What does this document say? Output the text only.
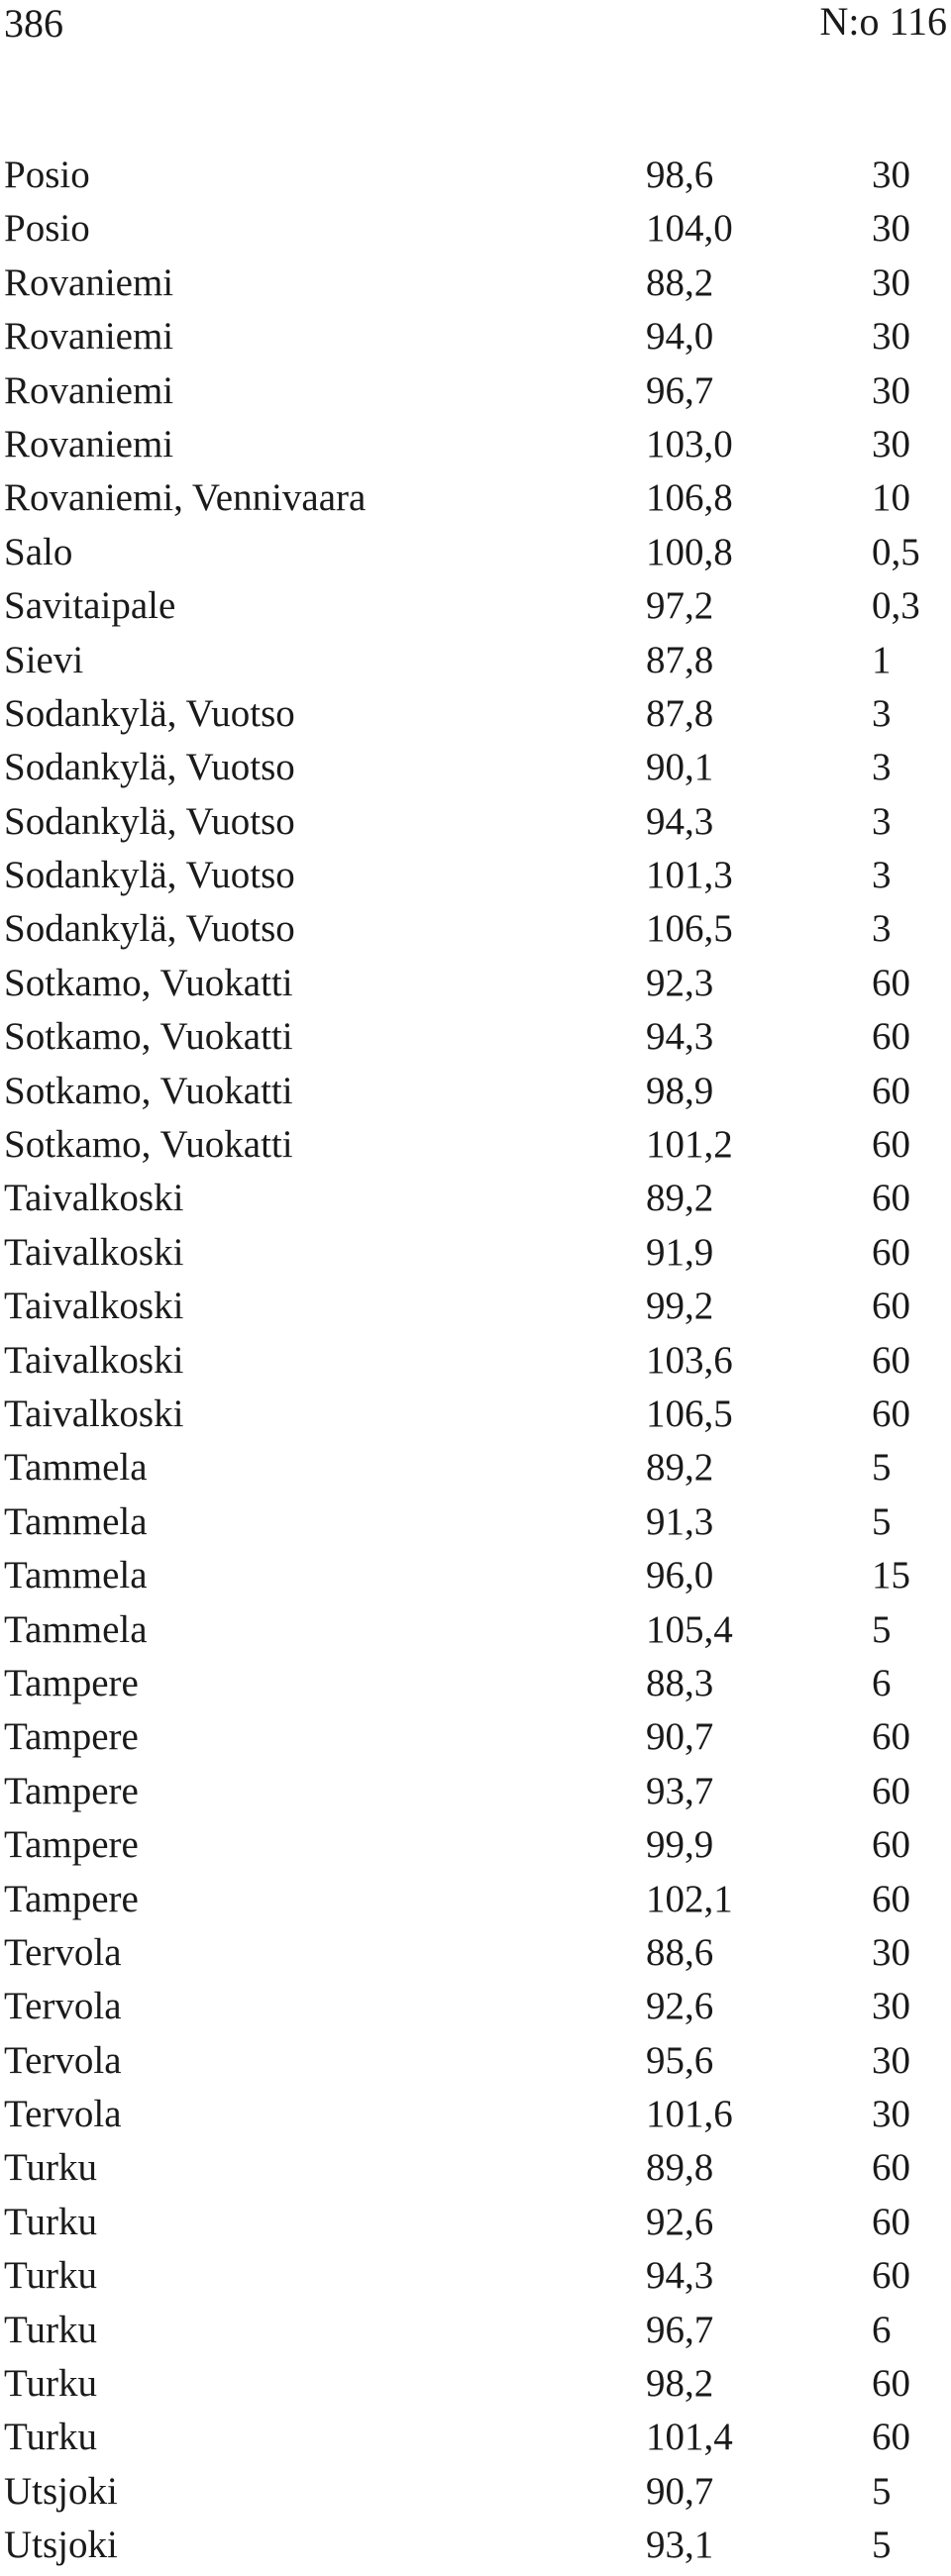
386	N:o 116
Posio	98,6	30
Posio	104,0	30
Rovaniemi	88,2	30
Rovaniemi	94,0	30
Rovaniemi	96,7	30
Rovaniemi	103,0	30
Rovaniemi, Vennivaara	106,8	10
Salo	100,8	0,5
Savitaipale	97,2	0,3
Sievi	87,8	1
Sodankylä, Vuotso	87,8	3
Sodankylä, Vuotso	90,1	3
Sodankylä, Vuotso	94,3	3
Sodankylä, Vuotso	101,3	3
Sodankylä, Vuotso	106,5	3
Sotkamo, Vuokatti	92,3	60
Sotkamo, Vuokatti	94,3	60
Sotkamo, Vuokatti	98,9	60
Sotkamo, Vuokatti	101,2	60
Taivalkoski	89,2	60
Taivalkoski	91,9	60
Taivalkoski	99,2	60
Taivalkoski	103,6	60
Taivalkoski	106,5	60
Tammela	89,2	5
Tammela	91,3	5
Tammela	96,0	15
Tammela	105,4	5
Tampere	88,3	6
Tampere	90,7	60
Tampere	93,7	60
Tampere	99,9	60
Tampere	102,1	60
Tervola	88,6	30
Tervola	92,6	30
Tervola	95,6	30
Tervola	101,6	30
Turku	89,8	60
Turku	92,6	60
Turku	94,3	60
Turku	96,7	6
Turku	98,2	60
Turku	101,4	60
Utsjoki	90,7	5
Utsjoki	93,1	5
